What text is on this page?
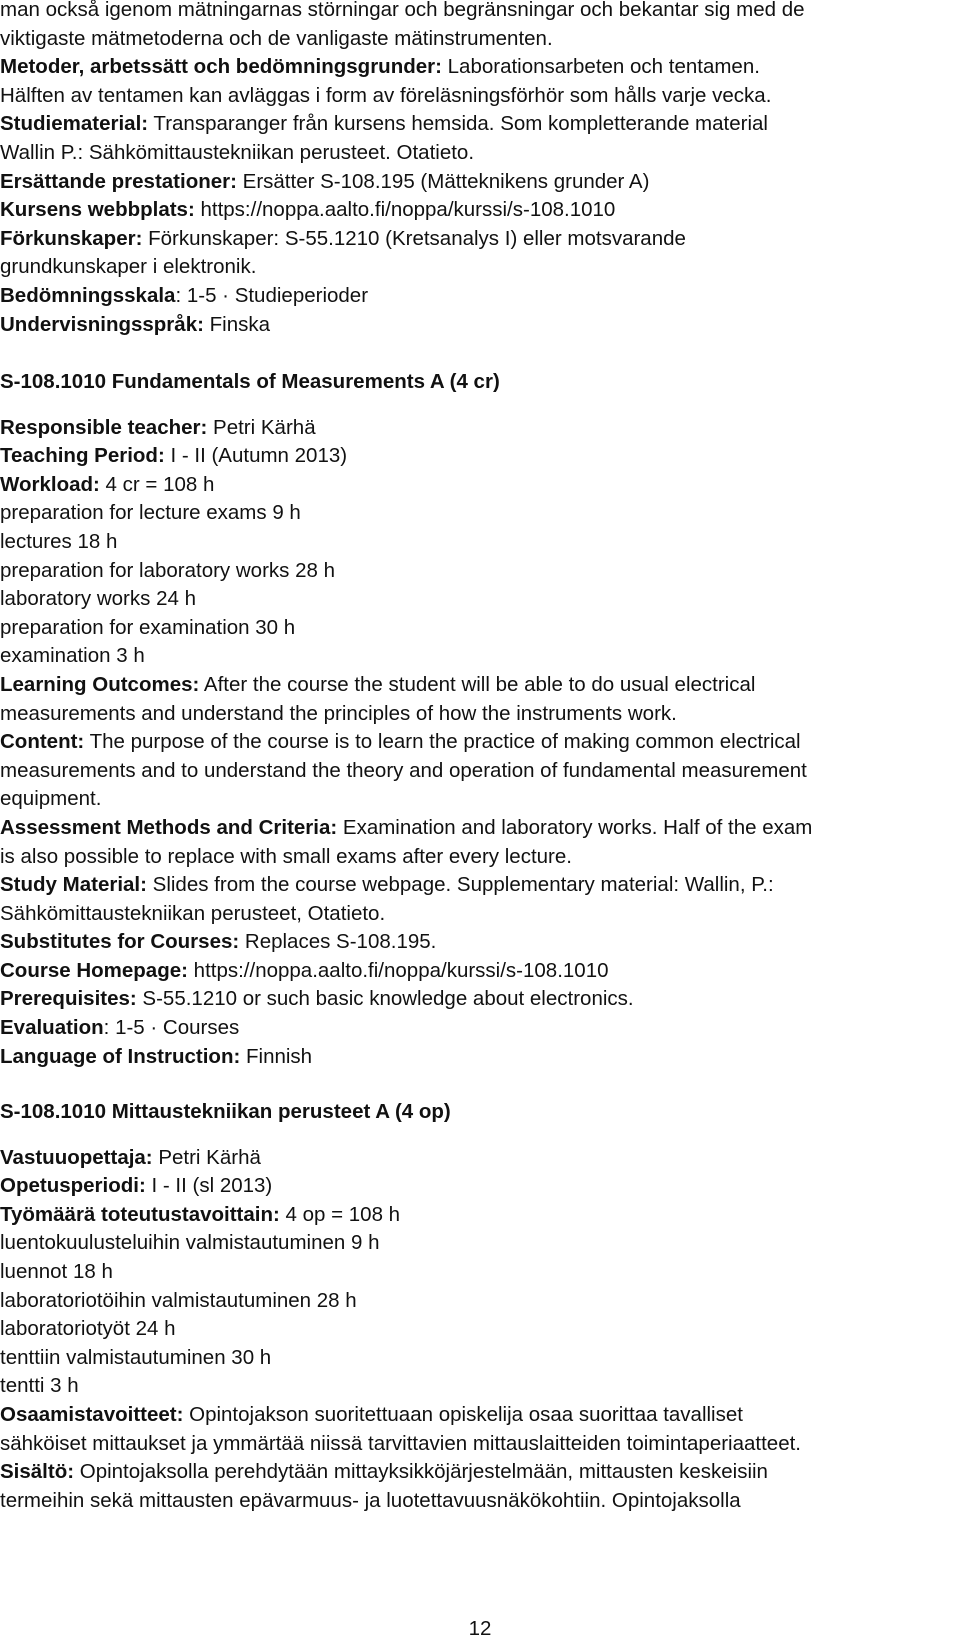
man också igenom mätningarnas störningar och begränsningar och bekantar sig med de
viktigaste mätmetoderna och de vanligaste mätinstrumenten.
Metoder, arbetssätt och bedömningsgrunder: Laborationsarbeten och tentamen.
Hälften av tentamen kan avläggas i form av föreläsningsförhör som hålls varje vecka.
Studiematerial: Transparanger från kursens hemsida. Som kompletterande material
Wallin P.: Sähkömittaustekniikan perusteet. Otatieto.
Ersättande prestationer: Ersätter S-108.195 (Mätteknikens grunder A)
Kursens webbplats: https://noppa.aalto.fi/noppa/kurssi/s-108.1010
Förkunskaper: Förkunskaper: S-55.1210 (Kretsanalys I) eller motsvarande
grundkunskaper i elektronik.
Bedömningsskala: 1-5 · Studieperioder
Undervisningsspråk: Finska
S-108.1010 Fundamentals of Measurements A (4 cr)
Responsible teacher: Petri Kärhä
Teaching Period: I - II (Autumn 2013)
Workload: 4 cr = 108 h
preparation for lecture exams 9 h
lectures 18 h
preparation for laboratory works 28 h
laboratory works 24 h
preparation for examination 30 h
examination 3 h
Learning Outcomes: After the course the student will be able to do usual electrical
measurements and understand the principles of how the instruments work.
Content: The purpose of the course is to learn the practice of making common electrical
measurements and to understand the theory and operation of fundamental measurement
equipment.
Assessment Methods and Criteria: Examination and laboratory works. Half of the exam
is also possible to replace with small exams after every lecture.
Study Material: Slides from the course webpage. Supplementary material: Wallin, P.:
Sähkömittaustekniikan perusteet, Otatieto.
Substitutes for Courses: Replaces S-108.195.
Course Homepage: https://noppa.aalto.fi/noppa/kurssi/s-108.1010
Prerequisites: S-55.1210 or such basic knowledge about electronics.
Evaluation: 1-5 · Courses
Language of Instruction: Finnish
S-108.1010 Mittaustekniikan perusteet A (4 op)
Vastuuopettaja: Petri Kärhä
Opetusperiodi: I - II (sl 2013)
Työmäärä toteutustavoittain: 4 op = 108 h
luentokuulusteluihin valmistautuminen 9 h
luennot 18 h
laboratoriotöihin valmistautuminen 28 h
laboratoriotyöt 24 h
tenttiin valmistautuminen 30 h
tentti 3 h
Osaamistavoitteet: Opintojakson suoritettuaan opiskelija osaa suorittaa tavalliset
sähköiset mittaukset ja ymmärtää niissä tarvittavien mittauslaitteiden toimintaperiaatteet.
Sisältö: Opintojaksolla perehdytään mittayksikköjärjestelmään, mittausten keskeisiin
termeihin sekä mittausten epävarmuus- ja luotettavuusnäkökohtiin. Opintojaksolla
12
